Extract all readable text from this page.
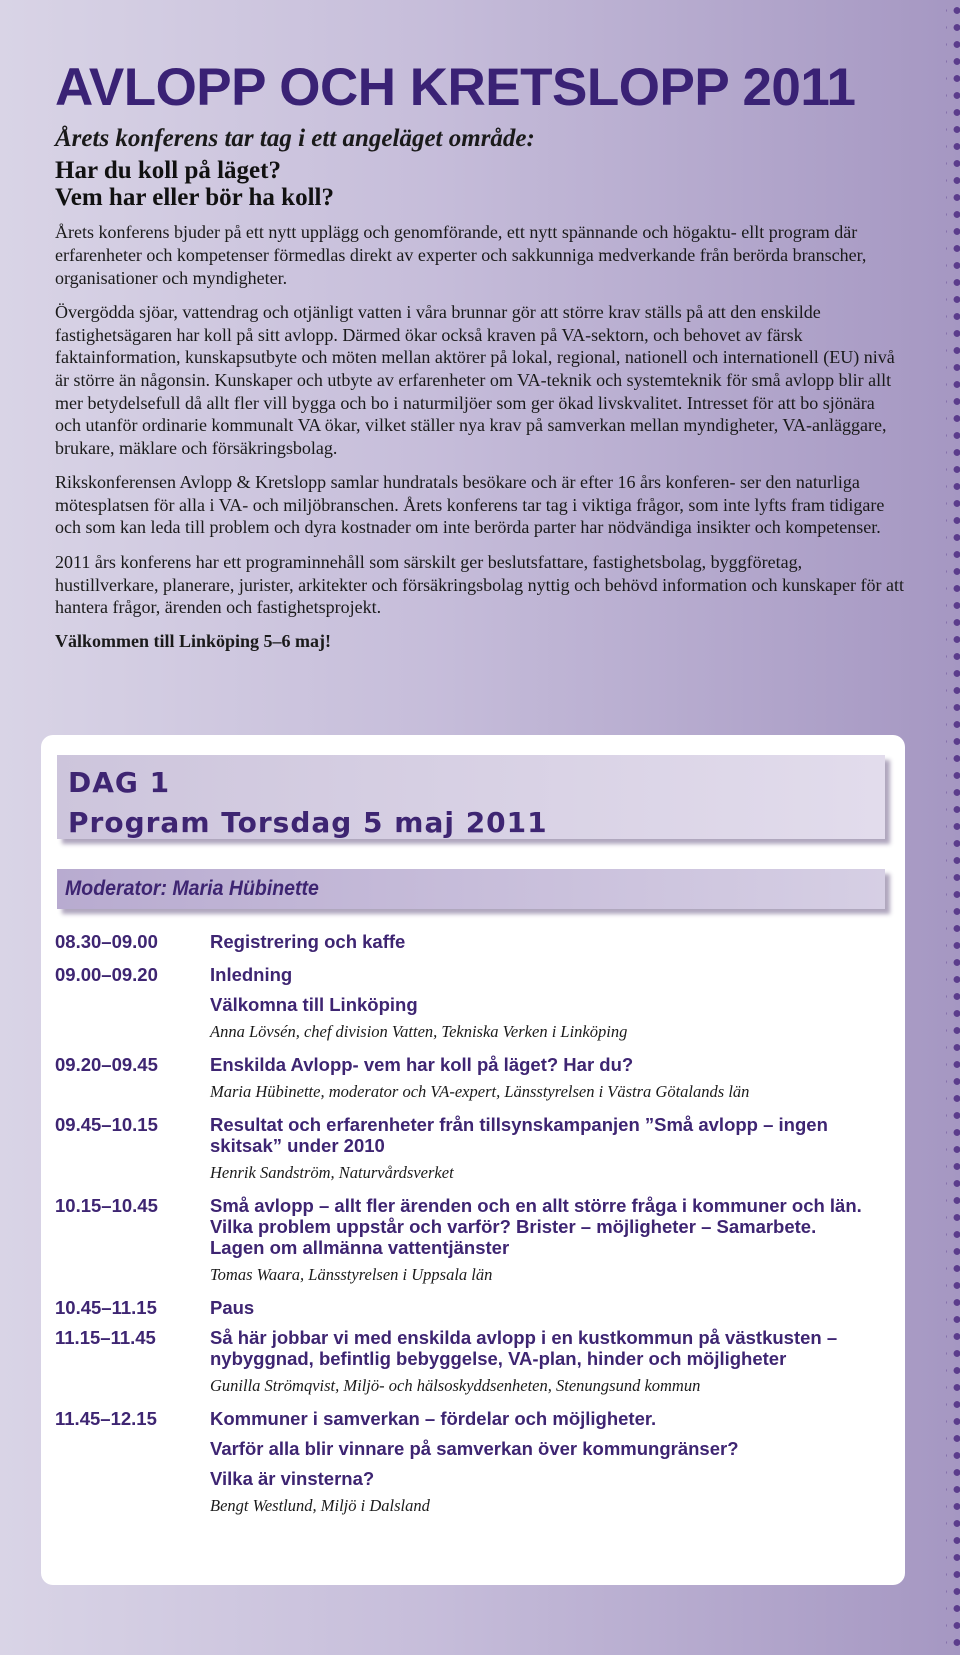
AVLOPP OCH KRETSLOPP 2011
Årets konferens tar tag i ett angeläget område:
Har du koll på läget?
Vem har eller bör ha koll?

Årets konferens bjuder på ett nytt upplägg och genomförande, ett nytt spännande och högaktu- ellt program där erfarenheter och kompetenser förmedlas direkt av experter och sakkunniga medverkande från berörda branscher, organisationer och myndigheter.

Övergödda sjöar, vattendrag och otjänligt vatten i våra brunnar gör att större krav ställs på att den enskilde fastighetsägaren har koll på sitt avlopp. Därmed ökar också kraven på VA-sektorn, och behovet av färsk faktainformation, kunskapsutbyte och möten mellan aktörer på lokal, regional, nationell och internationell (EU) nivå är större än någonsin. Kunskaper och utbyte av erfarenheter om VA-teknik och systemteknik för små avlopp blir allt mer betydelsefull då allt fler vill bygga och bo i naturmiljöer som ger ökad livskvalitet. Intresset för att bo sjönära och utanför ordinarie kommunalt VA ökar, vilket ställer nya krav på samverkan mellan myndigheter, VA-anläggare, brukare, mäklare och försäkringsbolag.

Rikskonferensen Avlopp & Kretslopp samlar hundratals besökare och är efter 16 års konferen- ser den naturliga mötesplatsen för alla i VA- och miljöbranschen. Årets konferens tar tag i viktiga frågor, som inte lyfts fram tidigare och som kan leda till problem och dyra kostnader om inte berörda parter har nödvändiga insikter och kompetenser.

2011 års konferens har ett programinnehåll som särskilt ger beslutsfattare, fastighetsbolag, byggföretag, hustillverkare, planerare, jurister, arkitekter och försäkringsbolag nyttig och behövd information och kunskaper för att hantera frågor, ärenden och fastighetsprojekt.

Välkommen till Linköping 5–6 maj!

DAG 1
Program Torsdag 5 maj 2011
Moderator: Maria Hübinette
08.30–09.00	Registrering och kaffe
09.00–09.20	Inledning
Välkomna till Linköping
Anna Lövsén, chef division Vatten, Tekniska Verken i Linköping
09.20–09.45	Enskilda Avlopp- vem har koll på läget? Har du?
Maria Hübinette, moderator och VA-expert, Länsstyrelsen i Västra Götalands län
09.45–10.15	Resultat och erfarenheter från tillsynskampanjen ”Små avlopp – ingen skitsak” under 2010
Henrik Sandström, Naturvårdsverket
10.15–10.45	Små avlopp – allt fler ärenden och en allt större fråga i kommuner och län. Vilka problem uppstår och varför? Brister – möjligheter – Samarbete. Lagen om allmänna vattentjänster
Tomas Waara, Länsstyrelsen i Uppsala län
10.45–11.15	Paus
11.15–11.45	Så här jobbar vi med enskilda avlopp i en kustkommun på västkusten – nybyggnad, befintlig bebyggelse, VA-plan, hinder och möjligheter
Gunilla Strömqvist, Miljö- och hälsoskyddsenheten, Stenungsund kommun
11.45–12.15	Kommuner i samverkan – fördelar och möjligheter.
Varför alla blir vinnare på samverkan över kommungränser?
Vilka är vinsterna?
Bengt Westlund, Miljö i Dalsland
